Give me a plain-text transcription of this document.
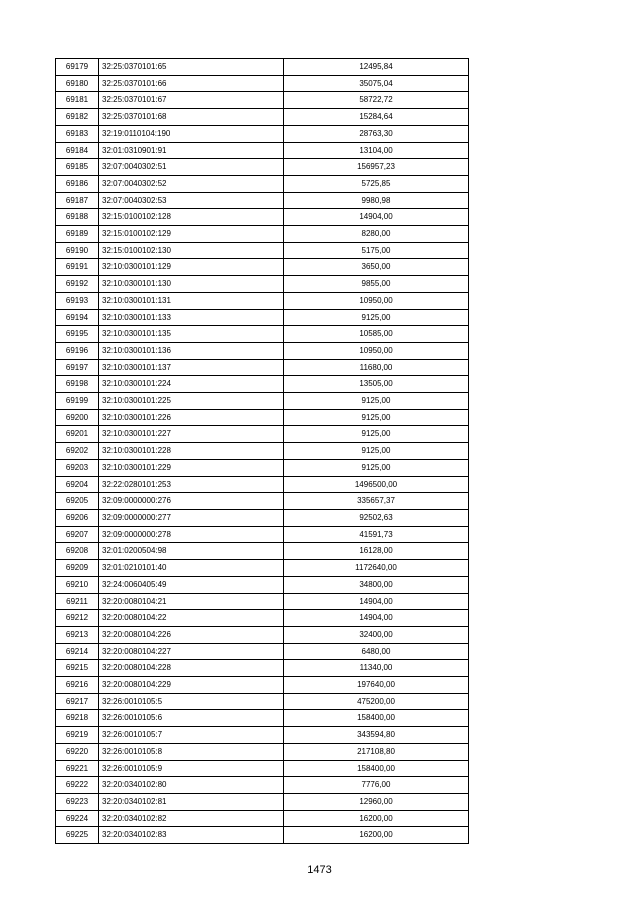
69179	32:25:0370101:65	12495,84
69180	32:25:0370101:66	35075,04
69181	32:25:0370101:67	58722,72
69182	32:25:0370101:68	15284,64
69183	32:19:0110104:190	28763,30
69184	32:01:0310901:91	13104,00
69185	32:07:0040302:51	156957,23
69186	32:07:0040302:52	5725,85
69187	32:07:0040302:53	9980,98
69188	32:15:0100102:128	14904,00
69189	32:15:0100102:129	8280,00
69190	32:15:0100102:130	5175,00
69191	32:10:0300101:129	3650,00
69192	32:10:0300101:130	9855,00
69193	32:10:0300101:131	10950,00
69194	32:10:0300101:133	9125,00
69195	32:10:0300101:135	10585,00
69196	32:10:0300101:136	10950,00
69197	32:10:0300101:137	11680,00
69198	32:10:0300101:224	13505,00
69199	32:10:0300101:225	9125,00
69200	32:10:0300101:226	9125,00
69201	32:10:0300101:227	9125,00
69202	32:10:0300101:228	9125,00
69203	32:10:0300101:229	9125,00
69204	32:22:0280101:253	1496500,00
69205	32:09:0000000:276	335657,37
69206	32:09:0000000:277	92502,63
69207	32:09:0000000:278	41591,73
69208	32:01:0200504:98	16128,00
69209	32:01:0210101:40	1172640,00
69210	32:24:0060405:49	34800,00
69211	32:20:0080104:21	14904,00
69212	32:20:0080104:22	14904,00
69213	32:20:0080104:226	32400,00
69214	32:20:0080104:227	6480,00
69215	32:20:0080104:228	11340,00
69216	32:20:0080104:229	197640,00
69217	32:26:0010105:5	475200,00
69218	32:26:0010105:6	158400,00
69219	32:26:0010105:7	343594,80
69220	32:26:0010105:8	217108,80
69221	32:26:0010105:9	158400,00
69222	32:20:0340102:80	7776,00
69223	32:20:0340102:81	12960,00
69224	32:20:0340102:82	16200,00
69225	32:20:0340102:83	16200,00
1473
